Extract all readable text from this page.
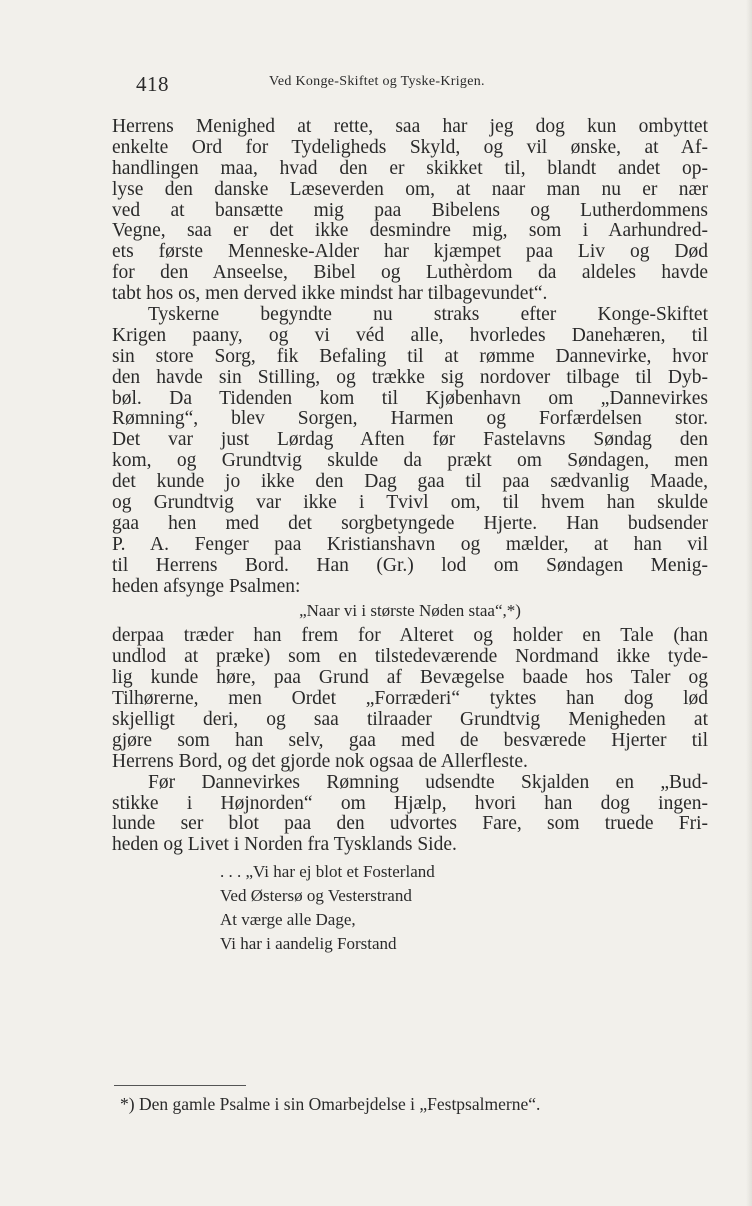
418	Ved Konge-Skiftet og Tyske-Krigen.
Herrens Menighed at rette, saa har jeg dog kun ombyttet
enkelte Ord for Tydeligheds Skyld, og vil ønske, at Af-
handlingen maa, hvad den er skikket til, blandt andet op-
lyse den danske Læseverden om, at naar man nu er nær
ved at bansætte mig paa Bibelens og Lutherdommens
Vegne, saa er det ikke desmindre mig, som i Aarhundred-
ets første Menneske-Alder har kjæmpet paa Liv og Død
for den Anseelse, Bibel og Luthèrdom da aldeles havde
tabt hos os, men derved ikke mindst har tilbagevundet“.
Tyskerne begyndte nu straks efter Konge-Skiftet
Krigen paany, og vi véd alle, hvorledes Danehæren, til
sin store Sorg, fik Befaling til at rømme Dannevirke, hvor
den havde sin Stilling, og trække sig nordover tilbage til Dyb-
bøl. Da Tidenden kom til Kjøbenhavn om „Dannevirkes
Rømning“, blev Sorgen, Harmen og Forfærdelsen stor.
Det var just Lørdag Aften før Fastelavns Søndag den
kom, og Grundtvig skulde da prækt om Søndagen, men
det kunde jo ikke den Dag gaa til paa sædvanlig Maade,
og Grundtvig var ikke i Tvivl om, til hvem han skulde
gaa hen med det sorgbetyngede Hjerte. Han budsender
P. A. Fenger paa Kristianshavn og mælder, at han vil
til Herrens Bord. Han (Gr.) lod om Søndagen Menig-
heden afsynge Psalmen:
„Naar vi i største Nøden staa“,*)
derpaa træder han frem for Alteret og holder en Tale (han
undlod at præke) som en tilstedeværende Nordmand ikke tyde-
lig kunde høre, paa Grund af Bevægelse baade hos Taler og
Tilhørerne, men Ordet „Forræderi“ tyktes han dog lød
skjelligt deri, og saa tilraader Grundtvig Menigheden at
gjøre som han selv, gaa med de besværede Hjerter til
Herrens Bord, og det gjorde nok ogsaa de Allerfleste.
Før Dannevirkes Rømning udsendte Skjalden en „Bud-
stikke i Højnorden“ om Hjælp, hvori han dog ingen-
lunde ser blot paa den udvortes Fare, som truede Fri-
heden og Livet i Norden fra Tysklands Side.
. . . „Vi har ej blot et Fosterland
Ved Østersø og Vesterstrand
At værge alle Dage,
Vi har i aandelig Forstand
*) Den gamle Psalme i sin Omarbejdelse i „Festpsalmerne“.
